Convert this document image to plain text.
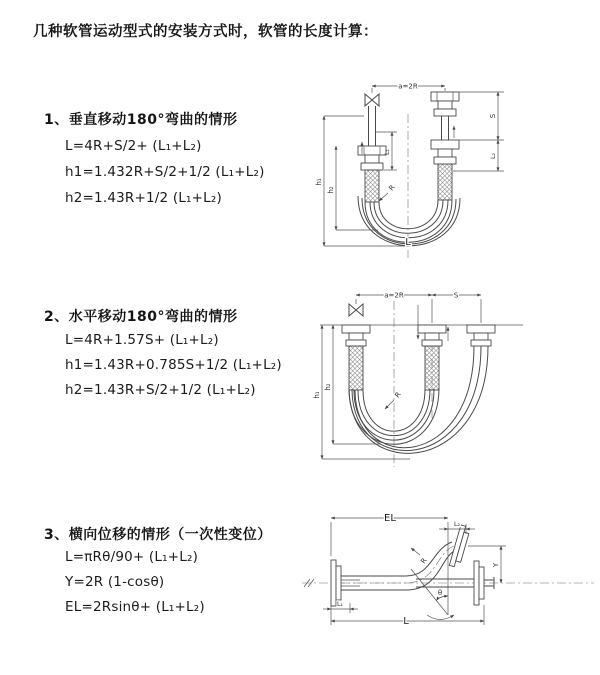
几种软管运动型式的安装方式时，软管的长度计算：
1、垂直移动180°弯曲的情形
L=4R+S/2+ (L₁+L₂)
h1=1.432R+S/2+1/2 (L₁+L₂)
h2=1.43R+1/2 (L₁+L₂)
a=2R
h₁
h₂
L₁
S
L₂
R
L
2、水平移动180°弯曲的情形
L=4R+1.57S+ (L₁+L₂)
h1=1.43R+0.785S+1/2 (L₁+L₂)
h2=1.43R+S/2+1/2 (L₁+L₂)
a=2R	S
h₁
h₂
R
3、横向位移的情形（一次性变位）
L=πRθ/90+ (L₁+L₂)
Y=2R (1-cosθ)
EL=2Rsinθ+ (L₁+L₂)
EL
L₂
θ
Y
R
L₁
L
